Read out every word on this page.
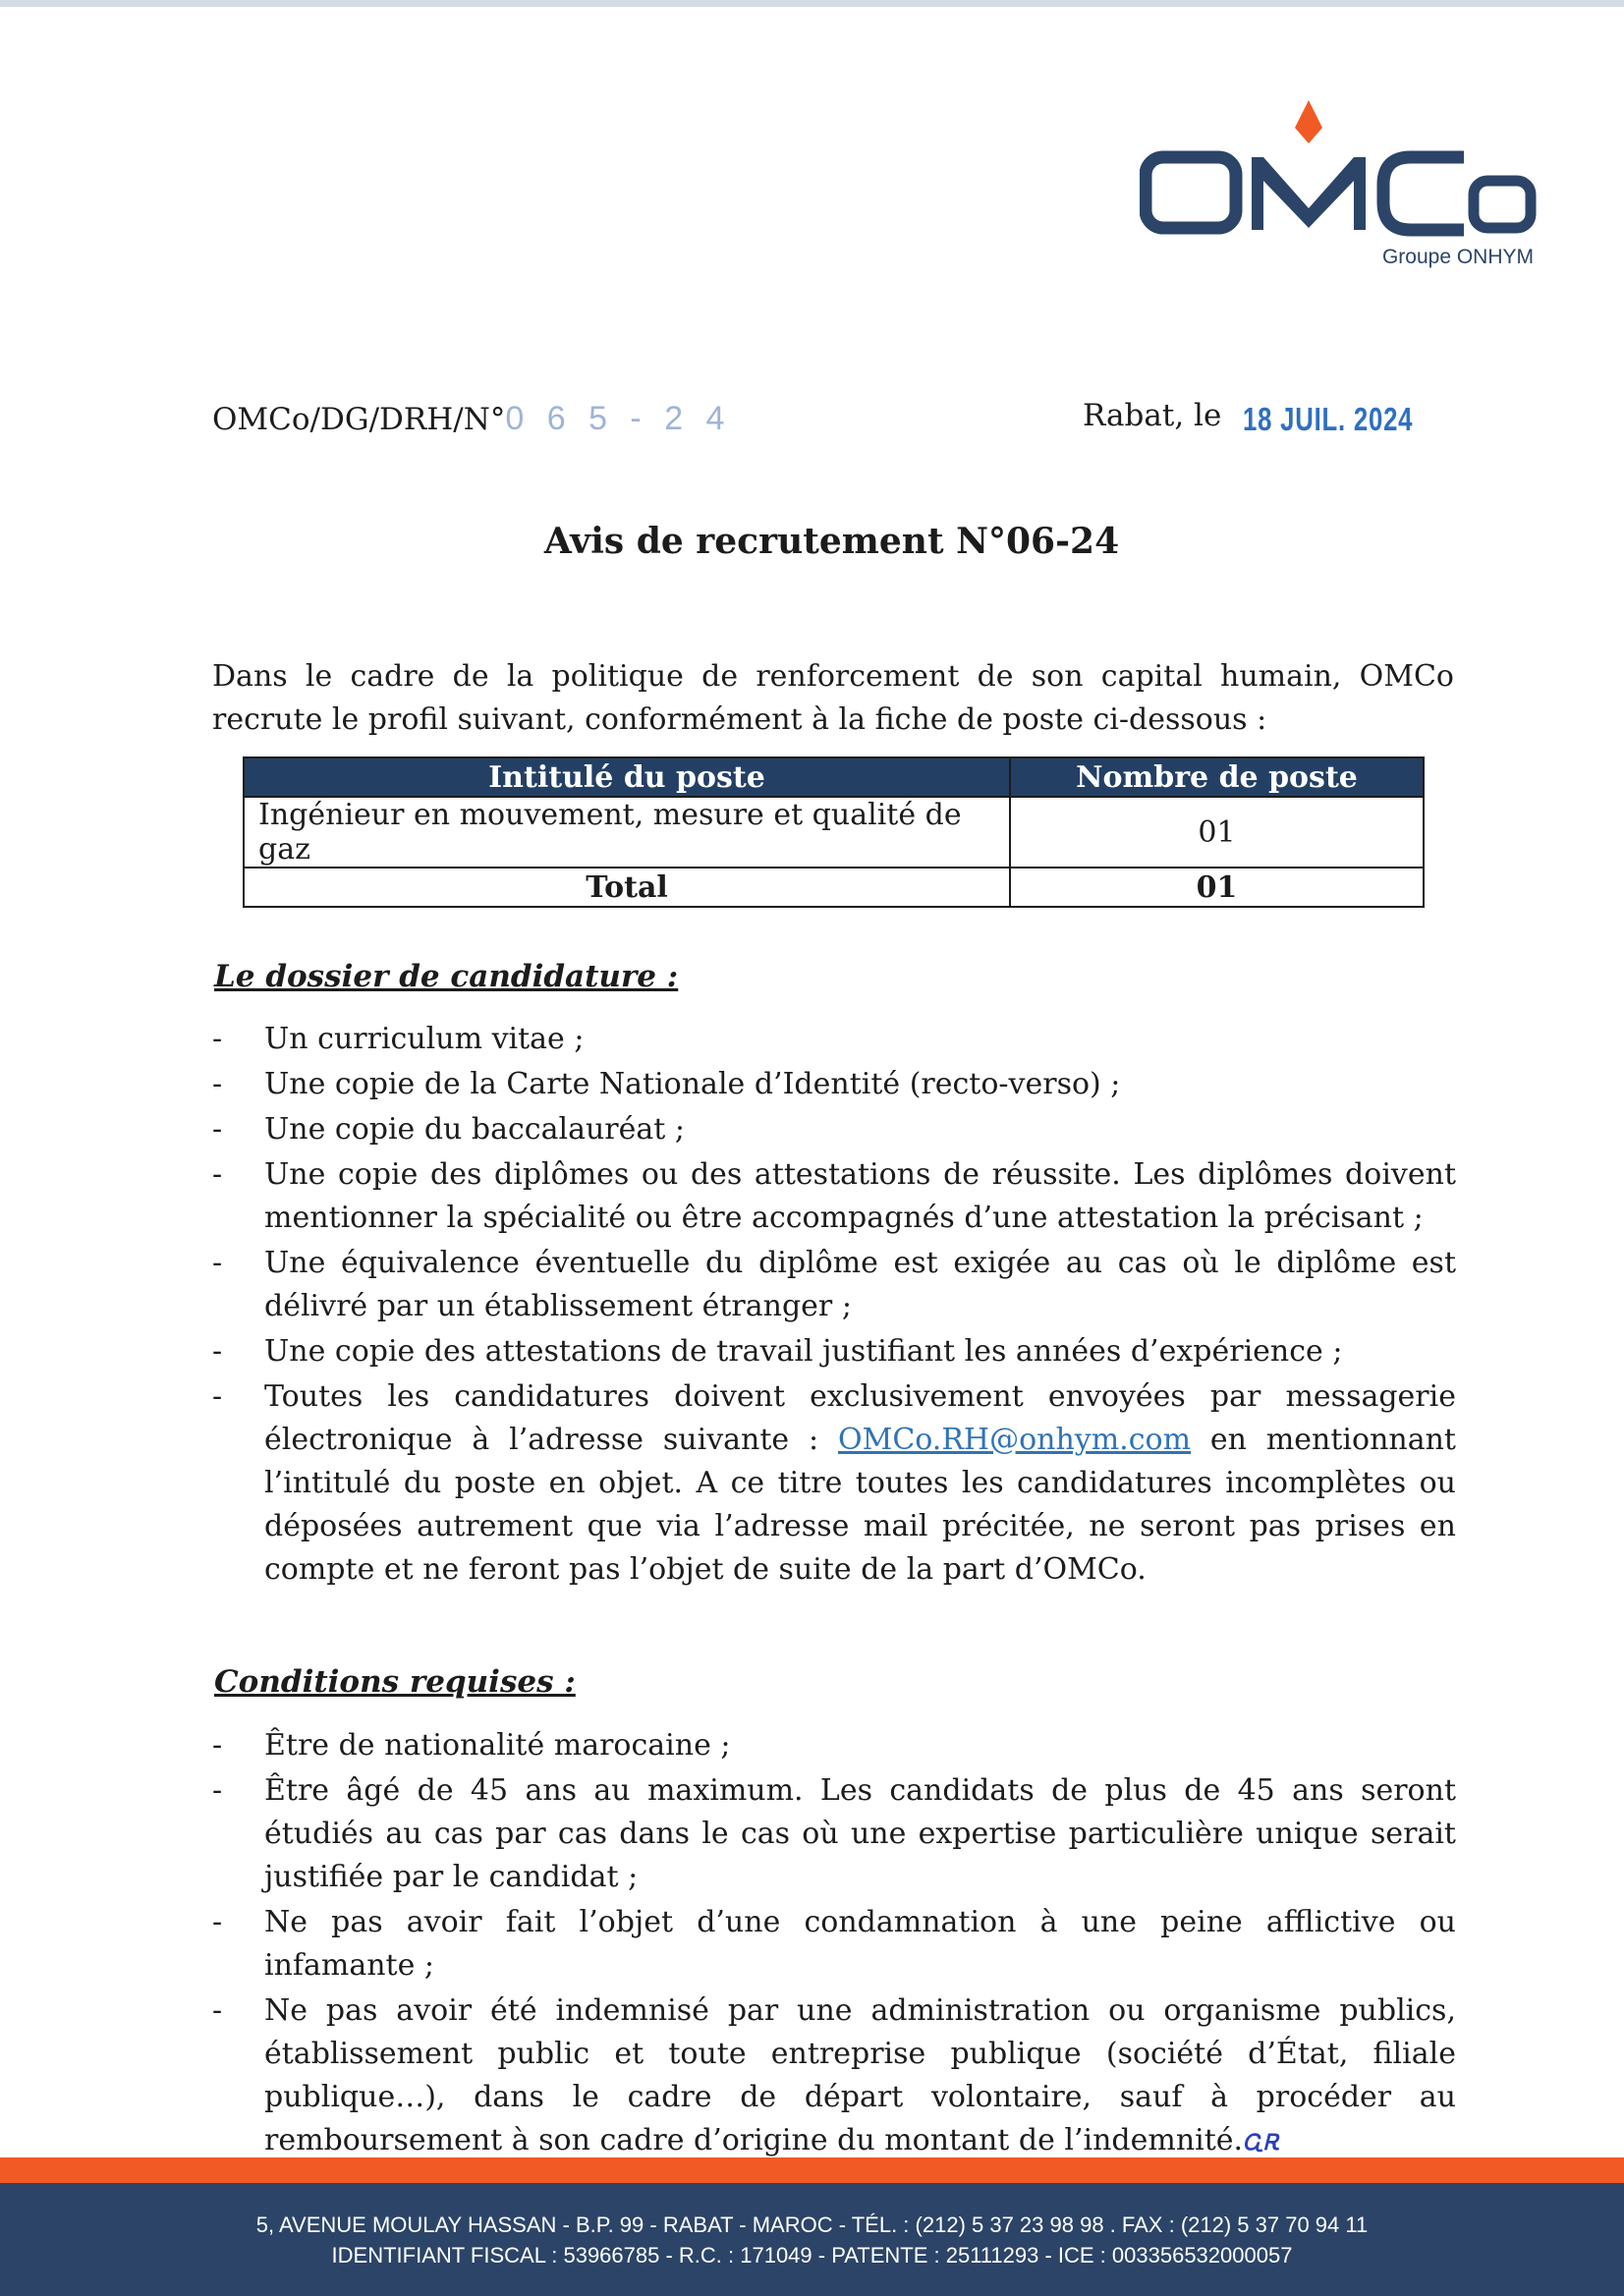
Groupe ONHYM
OMCo/DG/DRH/N°0 6 5 - 2 4	Rabat, le 18 JUIL. 2024
Avis de recrutement N°06-24

Dans le cadre de la politique de renforcement de son capital humain, OMCo recrute le profil suivant, conformément à la fiche de poste ci-dessous :

Intitulé du poste	Nombre de poste
Ingénieur en mouvement, mesure et qualité de gaz	01
Total	01
Le dossier de candidature :
- Un curriculum vitae ;
- Une copie de la Carte Nationale d’Identité (recto-verso) ;
- Une copie du baccalauréat ;
- Une copie des diplômes ou des attestations de réussite. Les diplômes doivent mentionner la spécialité ou être accompagnés d’une attestation la précisant ;
- Une équivalence éventuelle du diplôme est exigée au cas où le diplôme est délivré par un établissement étranger ;
- Une copie des attestations de travail justifiant les années d’expérience ;
- Toutes les candidatures doivent exclusivement envoyées par messagerie électronique à l’adresse suivante : OMCo.RH@onhym.com en mentionnant l’intitulé du poste en objet. A ce titre toutes les candidatures incomplètes ou déposées autrement que via l’adresse mail précitée, ne seront pas prises en compte et ne feront pas l’objet de suite de la part d’OMCo.
Conditions requises :
- Être de nationalité marocaine ;
- Être âgé de 45 ans au maximum. Les candidats de plus de 45 ans seront étudiés au cas par cas dans le cas où une expertise particulière unique serait justifiée par le candidat ;
- Ne pas avoir fait l’objet d’une condamnation à une peine afflictive ou infamante ;
- Ne pas avoir été indemnisé par une administration ou organisme publics, établissement public et toute entreprise publique (société d’État, filiale publique…), dans le cadre de départ volontaire, sauf à procéder au remboursement à son cadre d’origine du montant de l’indemnité.ᏩᎡ
5, AVENUE MOULAY HASSAN - B.P. 99 - RABAT - MAROC - TÉL. : (212) 5 37 23 98 98 . FAX : (212) 5 37 70 94 11
IDENTIFIANT FISCAL : 53966785 - R.C. : 171049 - PATENTE : 25111293 - ICE : 003356532000057
